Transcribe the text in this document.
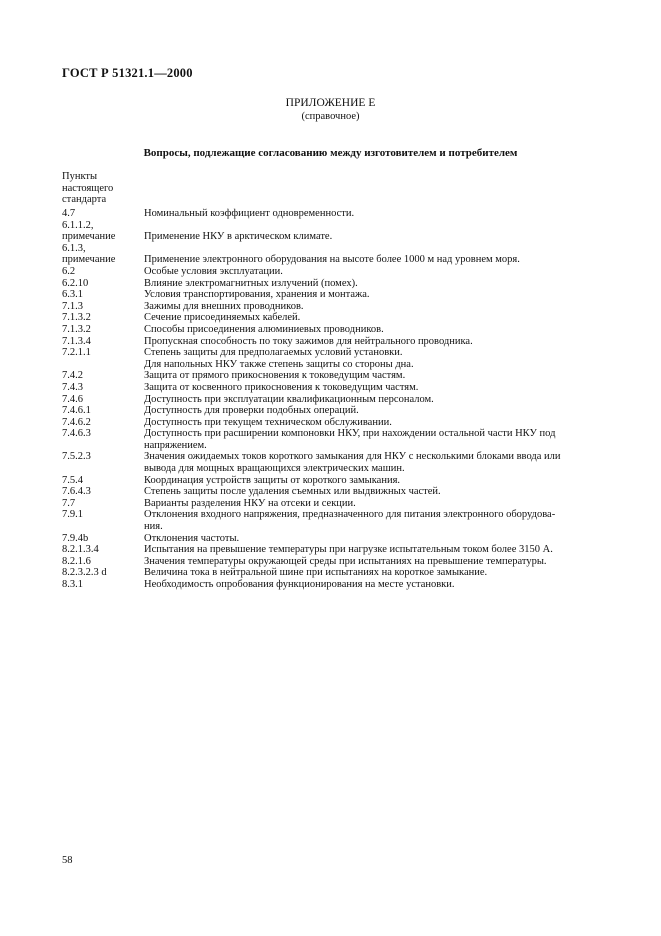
ГОСТ Р 51321.1—2000
ПРИЛОЖЕНИЕ Е
(справочное)
Вопросы, подлежащие согласованию между изготовителем и потребителем
Пункты
настоящего
стандарта
4.7	Номинальный коэффициент одновременности.
6.1.1.2,
примечание
	Применение НКУ в арктическом климате.
6.1.3,
примечание
	Применение электронного оборудования на высоте более 1000 м над уровнем моря.
6.2	Особые условия эксплуатации.
6.2.10	Влияние электромагнитных излучений (помех).
6.3.1	Условия транспортирования, хранения и монтажа.
7.1.3	Зажимы для внешних проводников.
7.1.3.2	Сечение присоединяемых кабелей.
7.1.3.2	Способы присоединения алюминиевых проводников.
7.1.3.4	Пропускная способность по току зажимов для нейтрального проводника.
7.2.1.1	Степень защиты для предполагаемых условий установки.
Для напольных НКУ также степень защиты со стороны дна.
7.4.2	Защита от прямого прикосновения к токоведущим частям.
7.4.3	Защита от косвенного прикосновения к токоведущим частям.
7.4.6	Доступность при эксплуатации квалификационным персоналом.
7.4.6.1	Доступность для проверки подобных операций.
7.4.6.2	Доступность при текущем техническом обслуживании.
7.4.6.3	Доступность при расширении компоновки НКУ, при нахождении остальной части НКУ под
напряжением.
7.5.2.3	Значения ожидаемых токов короткого замыкания для НКУ с несколькими блоками ввода или
вывода для мощных вращающихся электрических машин.
7.5.4	Координация устройств защиты от короткого замыкания.
7.6.4.3	Степень защиты после удаления съемных или выдвижных частей.
7.7	Варианты разделения НКУ на отсеки и секции.
7.9.1	Отклонения входного напряжения, предназначенного для питания электронного оборудова-
ния.
7.9.4b	Отклонения частоты.
8.2.1.3.4	Испытания на превышение температуры при нагрузке испытательным током более 3150 А.
8.2.1.6	Значения температуры окружающей среды при испытаниях на превышение температуры.
8.2.3.2.3 d	Величина тока в нейтральной шине при испытаниях на короткое замыкание.
8.3.1	Необходимость опробования функционирования на месте установки.
58
